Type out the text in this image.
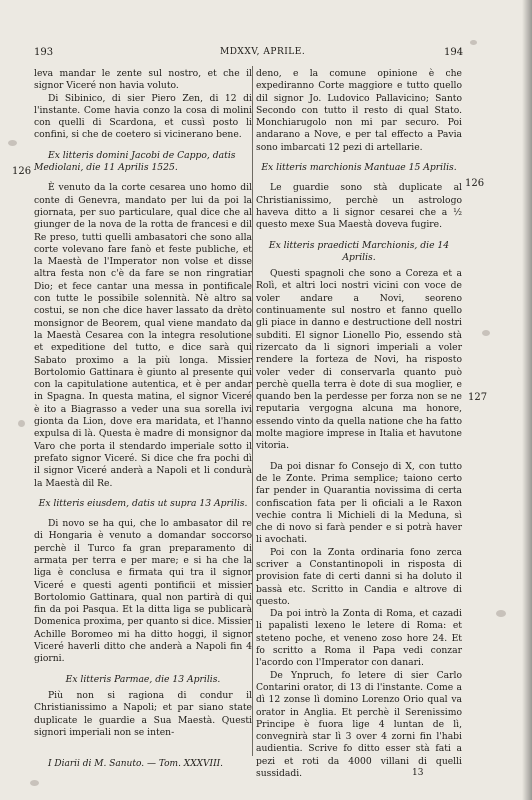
193	MDXXV, APRILE.	194
126
126
127

leva mandar le zente sul nostro, et che il signor Viceré non havia voluto.

Di Sibinico, di sier Piero Zen, di 12 di l'instante. Come havia conzo la cosa di molini con quelli di Scardona, et cussì posto li confini, si che de coetero si vicinerano bene.

Ex litteris domini Jacobi de Cappo, datis Mediolani, die 11 Aprilis 1525.

È venuto da la corte cesarea uno homo dil conte di Genevra, mandato per lui da poi la giornata, per suo particulare, qual dice che al giunger de la nova de la rotta de francesi e dil Re preso, tutti quelli ambasatori che sono alla corte volevano fare fanò et feste publiche, et la Maestà de l'Imperator non volse et disse altra festa non c'è da fare se non ringratiar Dio; et fece cantar una messa in pontificale con tutte le possibile solennità. Nè altro sa costui, se non che dice haver lassato da drèto monsignor de Beorem, qual viene mandato da la Maestà Cesarea con la integra resolutione et expeditione del tutto, e dice sarà qui Sabato proximo a la più longa. Missier Bortolomio Gattinara è giunto al presente qui con la capitulatione autentica, et è per andar in Spagna. In questa matina, el signor Viceré è ito a Biagrasso a veder una sua sorella ivi gionta da Lion, dove era maridata, et l'hanno expulsa di là. Questa è madre di monsignor da Varo che porta il stendardo imperiale sotto il prefato signor Viceré. Si dice che fra pochi dì il signor Viceré anderà a Napoli et li condurà la Maestà dil Re.

Ex litteris eiusdem, datis ut supra 13 Aprilis.

Di novo se ha qui, che lo ambasator dil re di Hongaria è venuto a domandar soccorso perchè il Turco fa gran preparamento di armata per terra e per mare; e si ha che la liga è conclusa e firmata qui tra il signor Viceré e questi agenti pontificii et missier Bortolomio Gattinara, qual non partirà di qui fin da poi Pasqua. Et la ditta liga se publicarà Domenica proxima, per quanto si dice. Missier Achille Boromeo mi ha ditto hoggi, il signor Viceré haverli ditto che anderà a Napoli fin 4 giorni.

Ex litteris Parmae, die 13 Aprilis.

Più non si ragiona di condur il Christianissimo a Napoli; et par siano state duplicate le guardie a Sua Maestà. Questi signori imperiali non se inten-

deno, e la comune opinione è che expediranno Corte maggiore e tutto quello dil signor Jo. Ludovico Pallavicino; Santo Secondo con tutto il resto di qual Stato. Monchiarugolo non mi par securo. Poi andarano a Nove, e per tal effecto a Pavia sono imbarcati 12 pezi di artellarie.

Ex litteris marchionis Mantuae 15 Aprilis.

Le guardie sono stà duplicate al Christianissimo, perchè un astrologo haveva ditto a li signor cesarei che a ½ questo mexe Sua Maestà doveva fugire.

Ex litteris praedicti Marchionis, die 14 Aprilis.

Questi spagnoli che sono a Coreza et a Rolì, et altri loci nostri vicini con voce de voler andare a Novi, seoreno continuamente sul nostro et fanno quello gli piace in danno e destructione dell nostri subditi. El signor Lionello Pio, essendo stà rizercato da li signori imperiali a voler rendere la forteza de Novi, ha risposto voler veder di conservarla quanto può perchè quella terra è dote di sua moglier, e quando ben la perdesse per forza non se ne reputaria vergogna alcuna ma honore, essendo vinto da quella natione che ha fatto molte magiore imprese in Italia et havutone vitoria.

Da poi disnar fo Consejo di X, con tutto de le Zonte. Prima semplice; taiono certo far pender in Quarantia novissima di certa confiscation fata per li oficiali a le Raxon vechie contra li Michieli di la Meduna, sì che di novo si farà pender e si potrà haver li avochati.

Poi con la Zonta ordinaria fono zerca scriver a Constantinopoli in risposta di provision fate di certi danni si ha doluto il bassà etc. Scritto in Candia e altrove di questo.

Da poi intrò la Zonta di Roma, et cazadi li papalisti lexeno le letere di Roma: et steteno poche, et veneno zoso hore 24. Et fo scritto a Roma il Papa vedi conzar l'acordo con l'Imperator con danari.

De Ynpruch, fo letere di sier Carlo Contarini orator, di 13 di l'instante. Come a dì 12 zonse lì domino Lorenzo Orio qual va orator in Anglia. Et perchè il Serenissimo Principe è fuora lige 4 luntan de lì, convegnirà star lì 3 over 4 zorni fin l'habi audientia. Scrive fo ditto esser stà fati a pezi et roti da 4000 villani di quelli sussidadi.

I Diarii di M. Sanuto. — Tom. XXXVIII.
13
